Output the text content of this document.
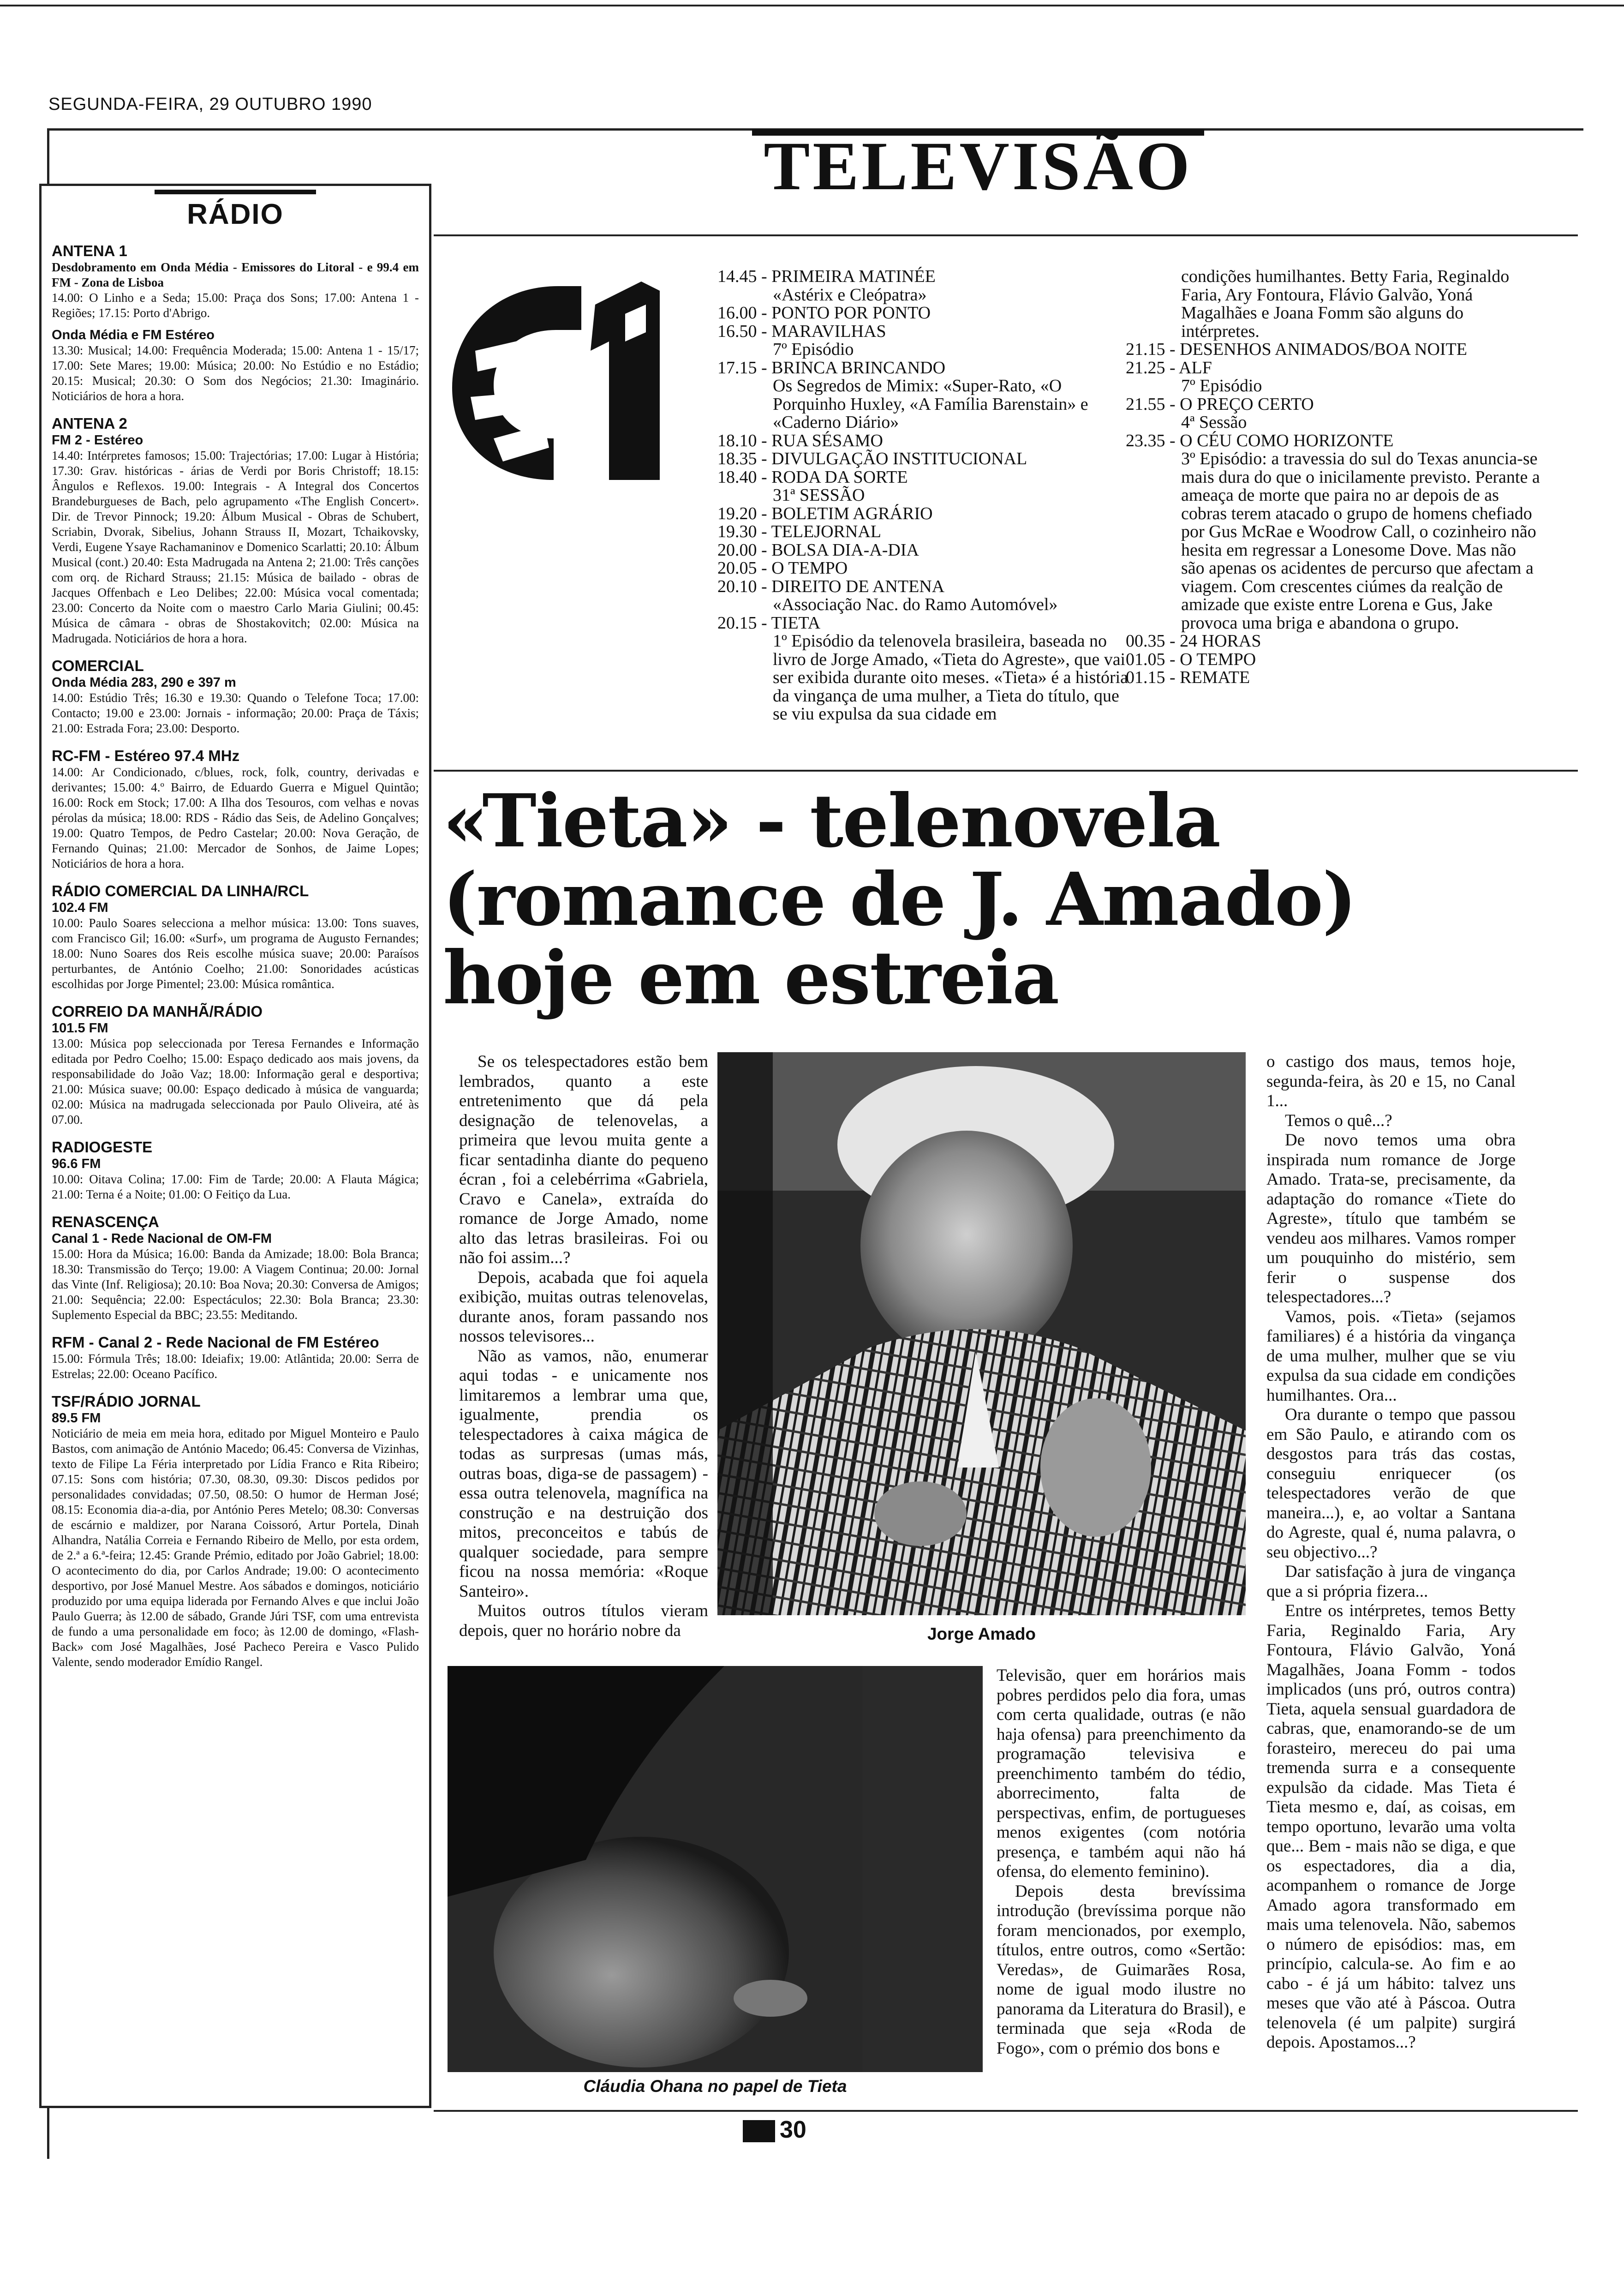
SEGUNDA-FEIRA, 29 OUTUBRO 1990
RÁDIO
ANTENA 1
Desdobramento em Onda Média - Emissores do Litoral - e 99.4 em FM - Zona de Lisboa
14.00: O Linho e a Seda; 15.00: Praça dos Sons; 17.00: Antena 1 - Regiões; 17.15: Porto d'Abrigo.
Onda Média e FM Estéreo
13.30: Musical; 14.00: Frequência Moderada; 15.00: Antena 1 - 15/17; 17.00: Sete Mares; 19.00: Música; 20.00: No Estúdio e no Estádio; 20.15: Musical; 20.30: O Som dos Negócios; 21.30: Imaginário. Noticiários de hora a hora.
ANTENA 2
FM 2 - Estéreo
14.40: Intérpretes famosos; 15.00: Trajectórias; 17.00: Lugar à História; 17.30: Grav. históricas - árias de Verdi por Boris Christoff; 18.15: Ângulos e Reflexos. 19.00: Integrais - A Integral dos Concertos Brandeburgueses de Bach, pelo agrupamento «The English Concert». Dir. de Trevor Pinnock; 19.20: Álbum Musical - Obras de Schubert, Scriabin, Dvorak, Sibelius, Johann Strauss II, Mozart, Tchaikovsky, Verdi, Eugene Ysaye Rachamaninov e Domenico Scarlatti; 20.10: Álbum Musical (cont.) 20.40: Esta Madrugada na Antena 2; 21.00: Três canções com orq. de Richard Strauss; 21.15: Música de bailado - obras de Jacques Offenbach e Leo Delibes; 22.00: Música vocal comentada; 23.00: Concerto da Noite com o maestro Carlo Maria Giulini; 00.45: Música de câmara - obras de Shostakovitch; 02.00: Música na Madrugada. Noticiários de hora a hora.
COMERCIAL
Onda Média 283, 290 e 397 m
14.00: Estúdio Três; 16.30 e 19.30: Quando o Telefone Toca; 17.00: Contacto; 19.00 e 23.00: Jornais - informação; 20.00: Praça de Táxis; 21.00: Estrada Fora; 23.00: Desporto.
RC-FM - Estéreo 97.4 MHz
14.00: Ar Condicionado, c/blues, rock, folk, country, derivadas e derivantes; 15.00: 4.º Bairro, de Eduardo Guerra e Miguel Quintão; 16.00: Rock em Stock; 17.00: A Ilha dos Tesouros, com velhas e novas pérolas da música; 18.00: RDS - Rádio das Seis, de Adelino Gonçalves; 19.00: Quatro Tempos, de Pedro Castelar; 20.00: Nova Geração, de Fernando Quinas; 21.00: Mercador de Sonhos, de Jaime Lopes; Noticiários de hora a hora.
RÁDIO COMERCIAL DA LINHA/RCL
102.4 FM
10.00: Paulo Soares selecciona a melhor música: 13.00: Tons suaves, com Francisco Gil; 16.00: «Surf», um programa de Augusto Fernandes; 18.00: Nuno Soares dos Reis escolhe música suave; 20.00: Paraísos perturbantes, de António Coelho; 21.00: Sonoridades acústicas escolhidas por Jorge Pimentel; 23.00: Música romântica.
CORREIO DA MANHÃ/RÁDIO
101.5 FM
13.00: Música pop seleccionada por Teresa Fernandes e Informação editada por Pedro Coelho; 15.00: Espaço dedicado aos mais jovens, da responsabilidade do João Vaz; 18.00: Informação geral e desportiva; 21.00: Música suave; 00.00: Espaço dedicado à música de vanguarda; 02.00: Música na madrugada seleccionada por Paulo Oliveira, até às 07.00.
RADIOGESTE
96.6 FM
10.00: Oitava Colina; 17.00: Fim de Tarde; 20.00: A Flauta Mágica; 21.00: Terna é a Noite; 01.00: O Feitiço da Lua.
RENASCENÇA
Canal 1 - Rede Nacional de OM-FM
15.00: Hora da Música; 16.00: Banda da Amizade; 18.00: Bola Branca; 18.30: Transmissão do Terço; 19.00: A Viagem Continua; 20.00: Jornal das Vinte (Inf. Religiosa); 20.10: Boa Nova; 20.30: Conversa de Amigos; 21.00: Sequência; 22.00: Espectáculos; 22.30: Bola Branca; 23.30: Suplemento Especial da BBC; 23.55: Meditando.
RFM - Canal 2 - Rede Nacional de FM Estéreo
15.00: Fórmula Três; 18.00: Ideiafix; 19.00: Atlântida; 20.00: Serra de Estrelas; 22.00: Oceano Pacífico.
TSF/RÁDIO JORNAL
89.5 FM
Noticiário de meia em meia hora, editado por Miguel Monteiro e Paulo Bastos, com animação de António Macedo; 06.45: Conversa de Vizinhas, texto de Filipe La Féria interpretado por Lídia Franco e Rita Ribeiro; 07.15: Sons com história; 07.30, 08.30, 09.30: Discos pedidos por personalidades convidadas; 07.50, 08.50: O humor de Herman José; 08.15: Economia dia-a-dia, por António Peres Metelo; 08.30: Conversas de escárnio e maldizer, por Narana Coissoró, Artur Portela, Dinah Alhandra, Natália Correia e Fernando Ribeiro de Mello, por esta ordem, de 2.ª a 6.ª-feira; 12.45: Grande Prémio, editado por João Gabriel; 18.00: O acontecimento do dia, por Carlos Andrade; 19.00: O acontecimento desportivo, por José Manuel Mestre. Aos sábados e domingos, noticiário produzido por uma equipa liderada por Fernando Alves e que inclui João Paulo Guerra; às 12.00 de sábado, Grande Júri TSF, com uma entrevista de fundo a uma personalidade em foco; às 12.00 de domingo, «Flash-Back» com José Magalhães, José Pacheco Pereira e Vasco Pulido Valente, sendo moderador Emídio Rangel.
TELEVISÃO
14.45 - PRIMEIRA MATINÉE
«Astérix e Cleópatra»
16.00 - PONTO POR PONTO
16.50 - MARAVILHAS
7º Episódio
17.15 - BRINCA BRINCANDO
Os Segredos de Mimix: «Super-Rato, «O Porquinho Huxley, «A Família Barenstain» e «Caderno Diário»
18.10 - RUA SÉSAMO
18.35 - DIVULGAÇÃO INSTITUCIONAL
18.40 - RODA DA SORTE
31ª SESSÃO
19.20 - BOLETIM AGRÁRIO
19.30 - TELEJORNAL
20.00 - BOLSA DIA-A-DIA
20.05 - O TEMPO
20.10 - DIREITO DE ANTENA
«Associação Nac. do Ramo Automóvel»
20.15 - TIETA
1º Episódio da telenovela brasileira, baseada no livro de Jorge Amado, «Tieta do Agreste», que vai ser exibida durante oito meses. «Tieta» é a história da vingança de uma mulher, a Tieta do título, que se viu expulsa da sua cidade em
condições humilhantes. Betty Faria, Reginaldo Faria, Ary Fontoura, Flávio Galvão, Yoná Magalhães e Joana Fomm são alguns do intérpretes.
21.15 - DESENHOS ANIMADOS/BOA NOITE
21.25 - ALF
7º Episódio
21.55 - O PREÇO CERTO
4ª Sessão
23.35 - O CÉU COMO HORIZONTE
3º Episódio: a travessia do sul do Texas anuncia-se mais dura do que o inicilamente previsto. Perante a ameaça de morte que paira no ar depois de as cobras terem atacado o grupo de homens chefiado por Gus McRae e Woodrow Call, o cozinheiro não hesita em regressar a Lonesome Dove. Mas não são apenas os acidentes de percurso que afectam a viagem. Com crescentes ciúmes da realção de amizade que existe entre Lorena e Gus, Jake provoca uma briga e abandona o grupo.
00.35 - 24 HORAS
01.05 - O TEMPO
01.15 - REMATE
«Tieta» - telenovela (romance de J. Amado) hoje em estreia

Se os telespectadores estão bem lembrados, quanto a este entretenimento que dá pela designação de telenovelas, a primeira que levou muita gente a ficar sentadinha diante do pequeno écran , foi a celebérrima «Gabriela, Cravo e Canela», extraída do romance de Jorge Amado, nome alto das letras brasileiras. Foi ou não foi assim...?

Depois, acabada que foi aquela exibição, muitas outras telenovelas, durante anos, foram passando nos nossos televisores...

Não as vamos, não, enumerar aqui todas - e unicamente nos limitaremos a lembrar uma que, igualmente, prendia os telespectadores à caixa mágica de todas as surpresas (umas más, outras boas, diga-se de passagem) - essa outra telenovela, magnífica na construção e na destruição dos mitos, preconceitos e tabús de qualquer sociedade, para sempre ficou na nossa memória: «Roque Santeiro».

Muitos outros títulos vieram depois, quer no horário nobre da

Televisão, quer em horários mais pobres perdidos pelo dia fora, umas com certa qualidade, outras (e não haja ofensa) para preenchimento da programação televisiva e preenchimento também do tédio, aborrecimento, falta de perspectivas, enfim, de portugueses menos exigentes (com notória presença, e também aqui não há ofensa, do elemento feminino).

Depois desta brevíssima introdução (brevíssima porque não foram mencionados, por exemplo, títulos, entre outros, como «Sertão: Veredas», de Guimarães Rosa, nome de igual modo ilustre no panorama da Literatura do Brasil), e terminada que seja «Roda de Fogo», com o prémio dos bons e

o castigo dos maus, temos hoje, segunda-feira, às 20 e 15, no Canal 1...

Temos o quê...?

De novo temos uma obra inspirada num romance de Jorge Amado. Trata-se, precisamente, da adaptação do romance «Tiete do Agreste», título que também se vendeu aos milhares. Vamos romper um pouquinho do mistério, sem ferir o suspense dos telespectadores...?

Vamos, pois. «Tieta» (sejamos familiares) é a história da vingança de uma mulher, mulher que se viu expulsa da sua cidade em condições humilhantes. Ora...

Ora durante o tempo que passou em São Paulo, e atirando com os desgostos para trás das costas, conseguiu enriquecer (os telespectadores verão de que maneira...), e, ao voltar a Santana do Agreste, qual é, numa palavra, o seu objectivo...?

Dar satisfação à jura de vingança que a si própria fizera...

Entre os intérpretes, temos Betty Faria, Reginaldo Faria, Ary Fontoura, Flávio Galvão, Yoná Magalhães, Joana Fomm - todos implicados (uns pró, outros contra) Tieta, aquela sensual guardadora de cabras, que, enamorando-se de um forasteiro, mereceu do pai uma tremenda surra e a consequente expulsão da cidade. Mas Tieta é Tieta mesmo e, daí, as coisas, em tempo oportuno, levarão uma volta que... Bem - mais não se diga, e que os espectadores, dia a dia, acompanhem o romance de Jorge Amado agora transformado em mais uma telenovela. Não, sabemos o número de episódios: mas, em princípio, calcula-se. Ao fim e ao cabo - é já um hábito: talvez uns meses que vão até à Páscoa. Outra telenovela (é um palpite) surgirá depois. Apostamos...?

Jorge Amado
Cláudia Ohana no papel de Tieta
30
